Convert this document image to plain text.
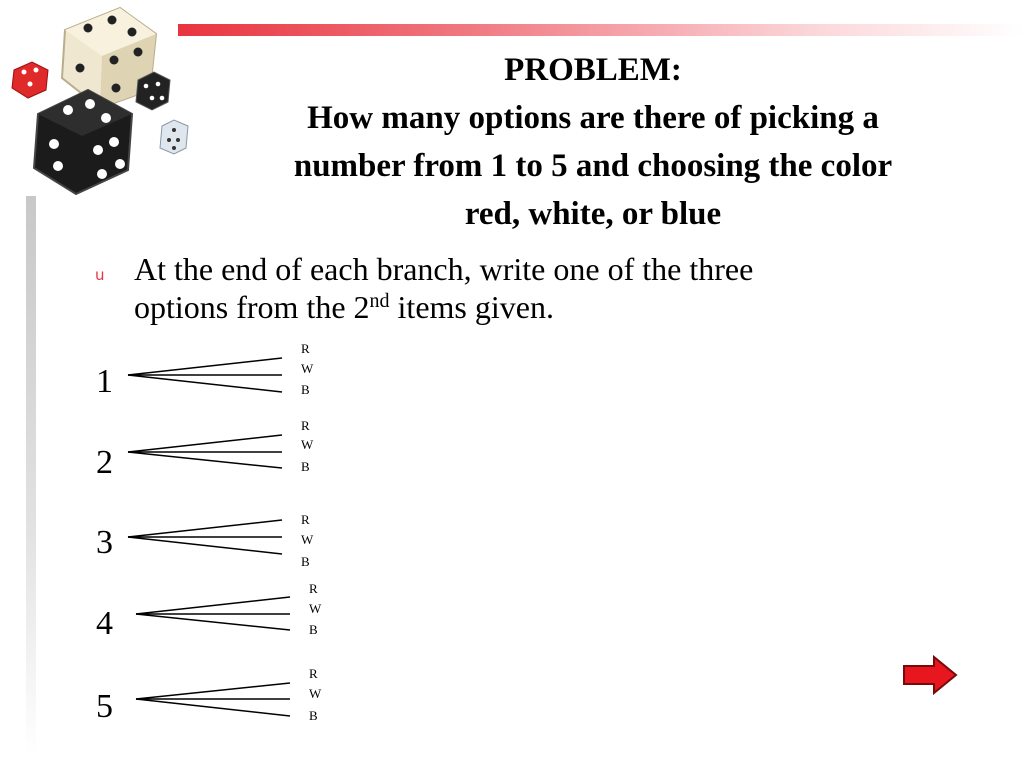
PROBLEM:
How many options are there of picking a
number from 1 to 5 and choosing the color
red, white, or blue
u At the end of each branch, write one of the three
options from the 2nd items given.
1
R
W
B
2
R
W
B
3
R
W
B
4
R
W
B
5
R
W
B
